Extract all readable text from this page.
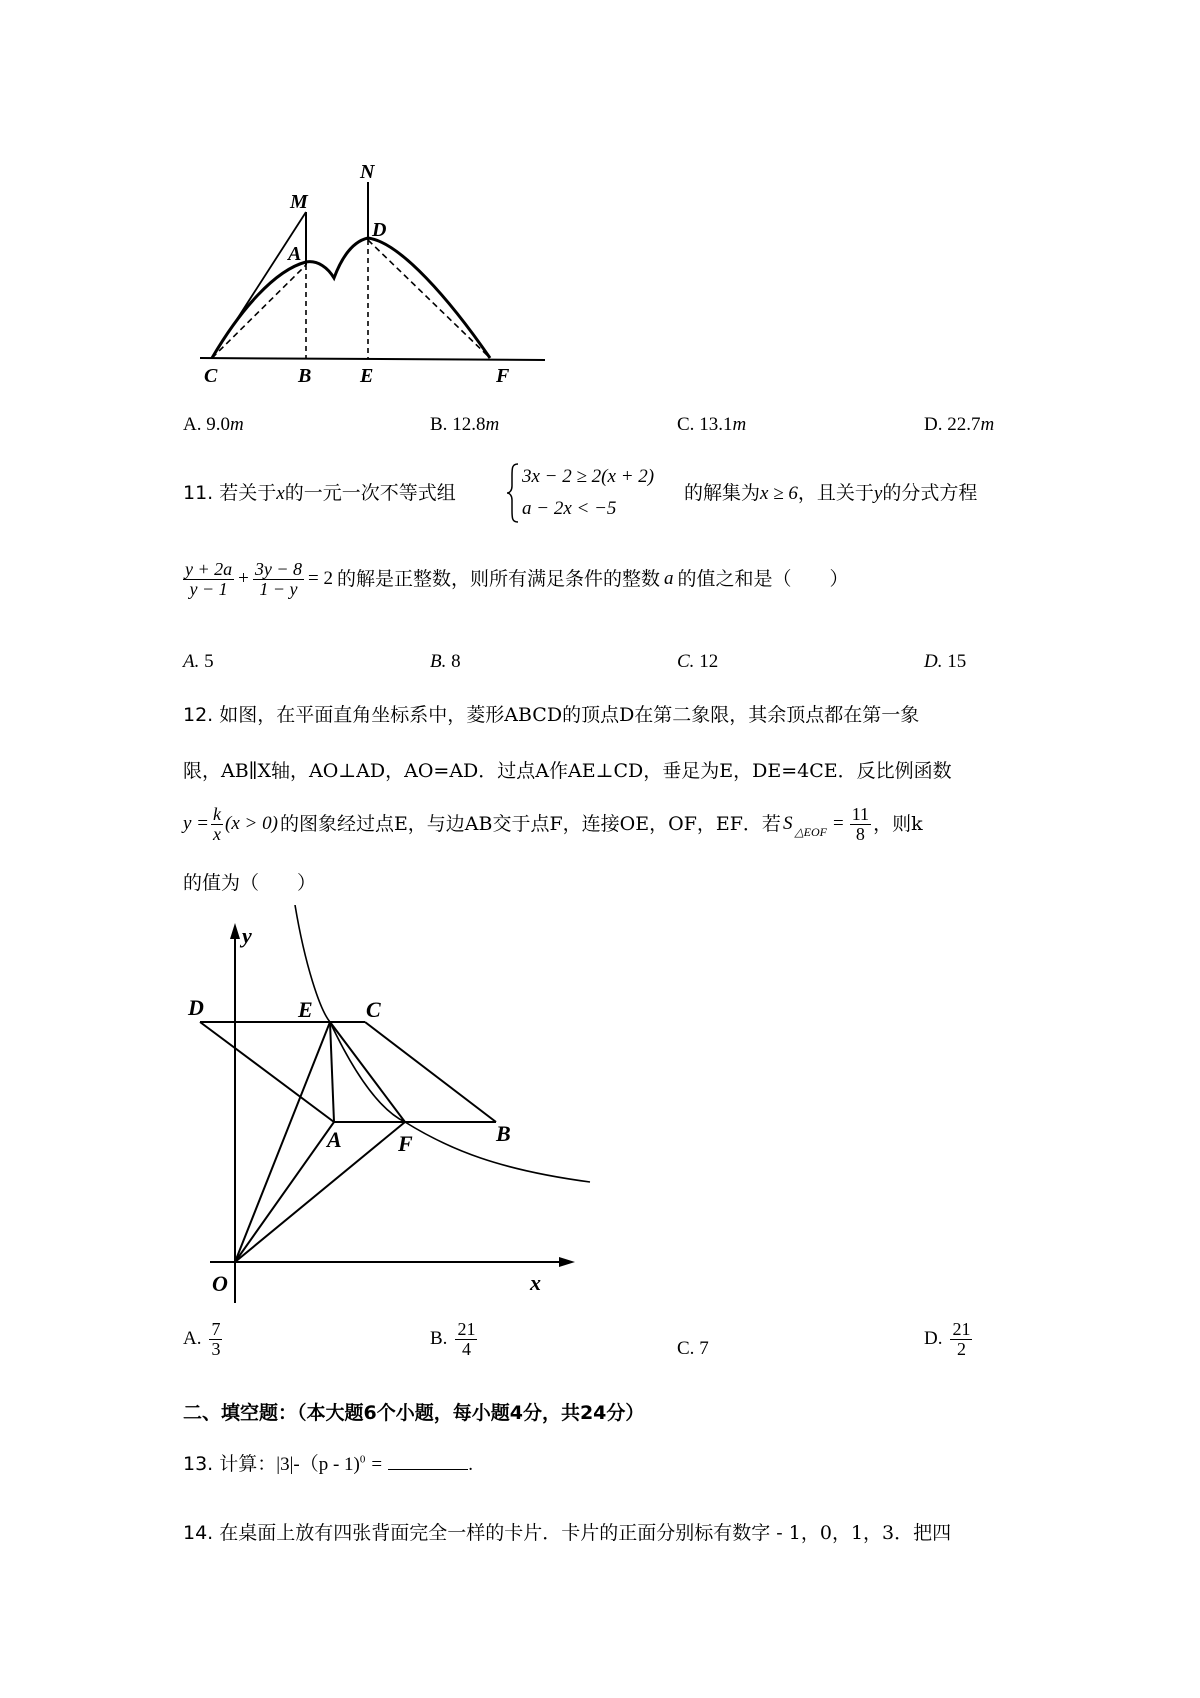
M
N
A
D
C	B E	F
A. 9.0m	B. 12.8m	C. 13.1m	D. 22.7m
11. 若关于x的一元一次不等式组
3x − 2 ≥ 2(x + 2)
a − 2x < −5
的解集为x ≥ 6，且关于y的分式方程
$\frac{y + 2a}{y - 1} + \frac{3y - 8}{1 - y} = 2$ 的解是正整数，则所有满足条件的整数 a 的值之和是（　　）
A. 5	B. 8	C. 12	D. 15
12. 如图，在平面直角坐标系中，菱形ABCD的顶点D在第二象限，其余顶点都在第一象
限，AB∥X轴，AO⊥AD，AO=AD．过点A作AE⊥CD，垂足为E，DE=4CE．反比例函数
$y = \frac{k}{x} (x > 0)$ 的图象经过点E，与边AB交于点F，连接OE，OF，EF．若 S △EOF = $\frac{11}{8}$ ，则k
的值为（　　）
y
x
O
D	E C
A	F	B
A. $\frac{7}{3}$	B. $\frac{21}{4}$	C. 7	D. $\frac{21}{2}$
二、填空题：（本大题6个小题，每小题4分，共24分）
13. 计算：|3|-（p - 1)$^0$ =	.
14. 在桌面上放有四张背面完全一样的卡片．卡片的正面分别标有数字 - 1，0，1，3．把四
